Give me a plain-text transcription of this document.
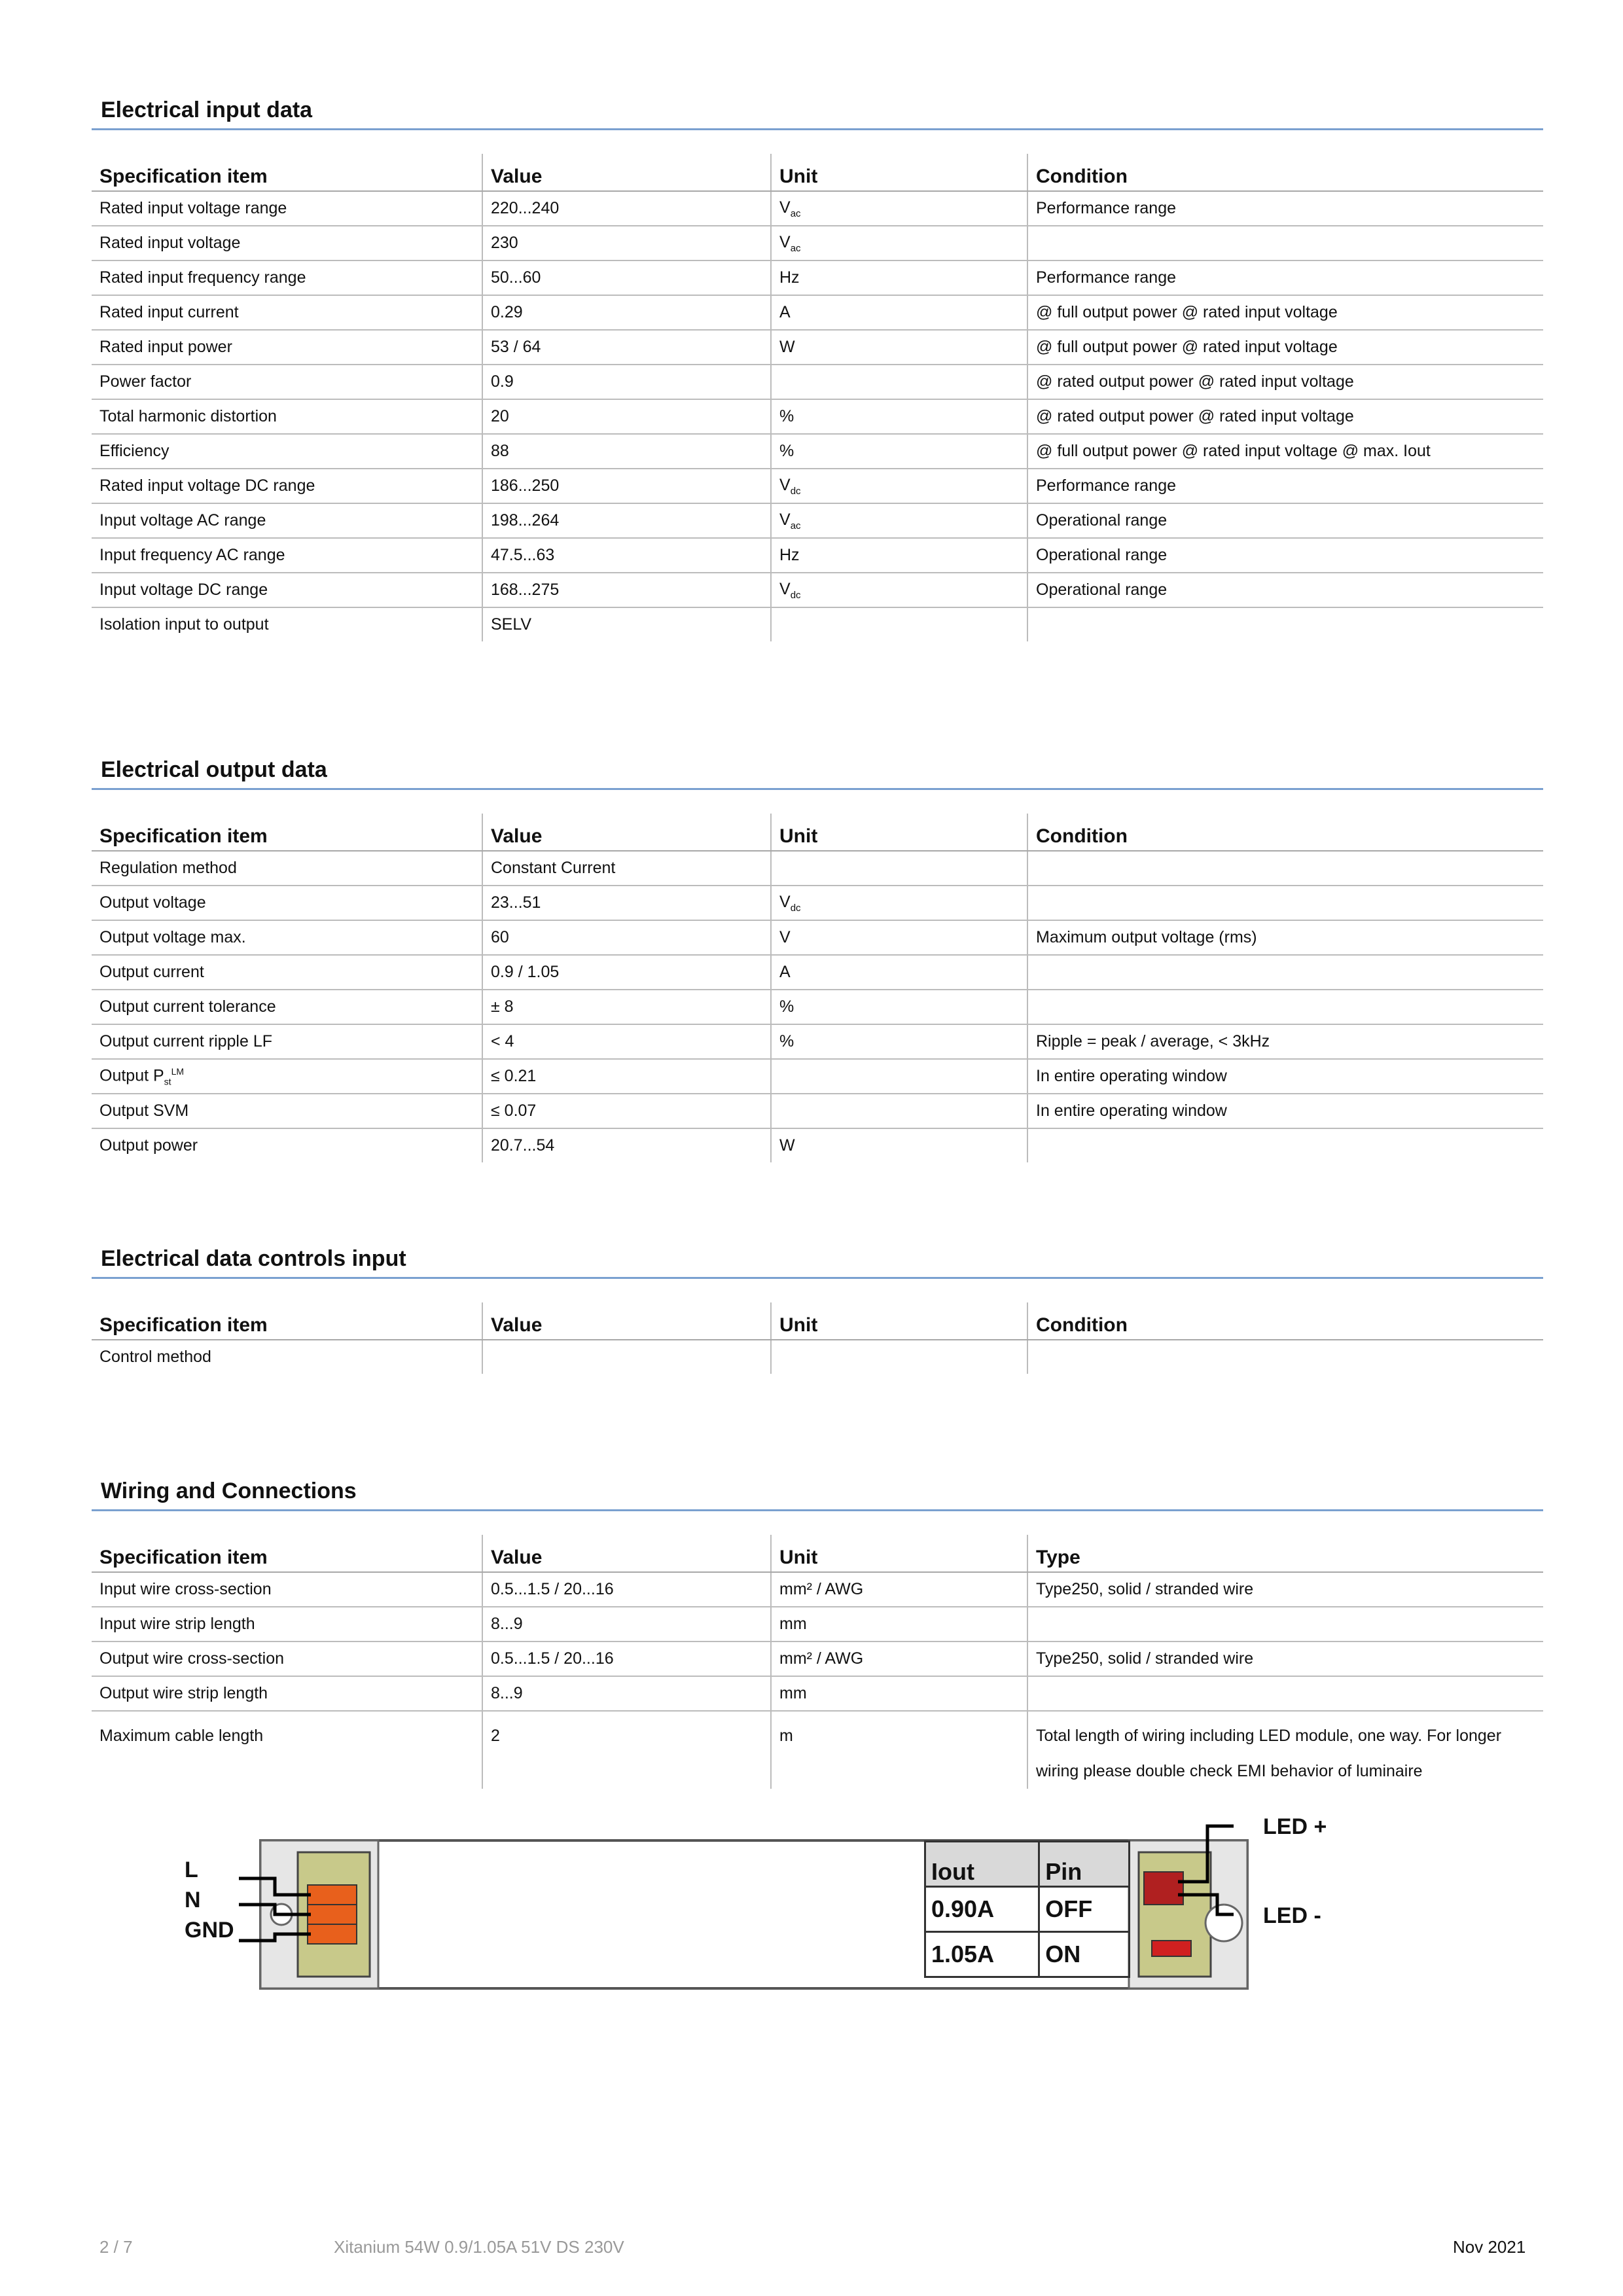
Electrical input data
Specification item	Value	Unit	Condition
Rated input voltage range	220...240	$V_{ac}$	Performance range
Rated input voltage	230	$V_{ac}$	
Rated input frequency range	50...60	Hz	Performance range
Rated input current	0.29	A	@ full output power @ rated input voltage
Rated input power	53 / 64	W	@ full output power @ rated input voltage
Power factor	0.9		@ rated output power @ rated input voltage
Total harmonic distortion	20	%	@ rated output power @ rated input voltage
Efficiency	88	%	@ full output power @ rated input voltage @ max. Iout
Rated input voltage DC range	186...250	$V_{dc}$	Performance range
Input voltage AC range	198...264	$V_{ac}$	Operational range
Input frequency AC range	47.5...63	Hz	Operational range
Input voltage DC range	168...275	$V_{dc}$	Operational range
Isolation input to output	SELV		
Electrical output data
Specification item	Value	Unit	Condition
Regulation method	Constant Current		
Output voltage	23...51	$V_{dc}$	
Output voltage max.	60	V	Maximum output voltage (rms)
Output current	0.9 / 1.05	A	
Output current tolerance	± 8	%	
Output current ripple LF	< 4	%	Ripple = peak / average, < 3kHz
Output $P_{st}^{LM}$	≤ 0.21		In entire operating window
Output SVM	≤ 0.07		In entire operating window
Output power	20.7...54	W	
Electrical data controls input
Specification item	Value	Unit	Condition
Control method			
Wiring and Connections
Specification item	Value	Unit	Type
Input wire cross-section	0.5...1.5 / 20...16	mm² / AWG	Type250, solid / stranded wire
Input wire strip length	8...9	mm	
Output wire cross-section	0.5...1.5 / 20...16	mm² / AWG	Type250, solid / stranded wire
Output wire strip length	8...9	mm	
Maximum cable length	2	m	Total length of wiring including LED module, one way. For longer wiring please double check EMI behavior of luminaire
L
N
GND
LED +
LED -
Iout	Pin
0.90A	OFF
1.05A	ON
2 / 7	Xitanium 54W 0.9/1.05A 51V DS 230V	Nov 2021
